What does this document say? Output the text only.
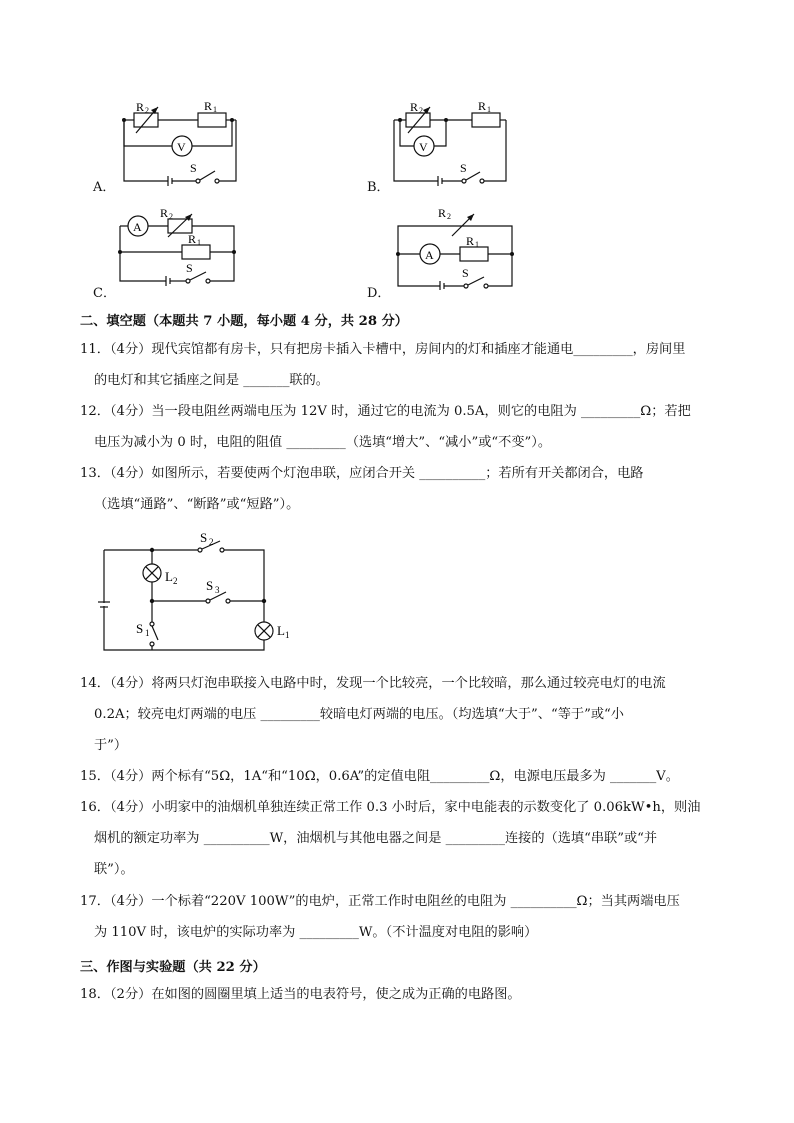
R 2	R 1
V
S
A．
R 2	R 1
V
S
B．
A
R 2
R 1
S
C．
R 2
A
R 1
S
D．
二、填空题（本题共 7 小题，每小题 4 分，共 28 分）

11．（4分）现代宾馆都有房卡，只有把房卡插入卡槽中，房间内的灯和插座才能通电_________，房间里

的电灯和其它插座之间是 _______联的。

12．（4分）当一段电阻丝两端电压为 12V 时，通过它的电流为 0.5A，则它的电阻为 _________Ω；若把

电压为减小为 0 时，电阻的阻值 _________（选填“增大”、“减小”或“不变”）。

13．（4分）如图所示，若要使两个灯泡串联，应闭合开关 __________；若所有开关都闭合，电路

（选填“通路”、“断路”或“短路”）。

S 2
L 2 S 3
S 1	L 1

14．（4分）将两只灯泡串联接入电路中时，发现一个比较亮，一个比较暗，那么通过较亮电灯的电流

0.2A；较亮电灯两端的电压 _________较暗电灯两端的电压。（均选填“大于”、“等于”或“小

于”）

15．（4分）两个标有“5Ω，1A“和“10Ω，0.6A”的定值电阻_________Ω，电源电压最多为 _______V。

16．（4分）小明家中的油烟机单独连续正常工作 0.3 小时后，家中电能表的示数变化了 0.06kW•h，则油

烟机的额定功率为 __________W，油烟机与其他电器之间是 _________连接的（选填“串联”或“并

联”）。

17．（4分）一个标着“220V 100W”的电炉，正常工作时电阻丝的电阻为 __________Ω；当其两端电压

为 110V 时，该电炉的实际功率为 _________W。（不计温度对电阻的影响）

三、作图与实验题（共 22 分）

18．（2分）在如图的圆圈里填上适当的电表符号，使之成为正确的电路图。
